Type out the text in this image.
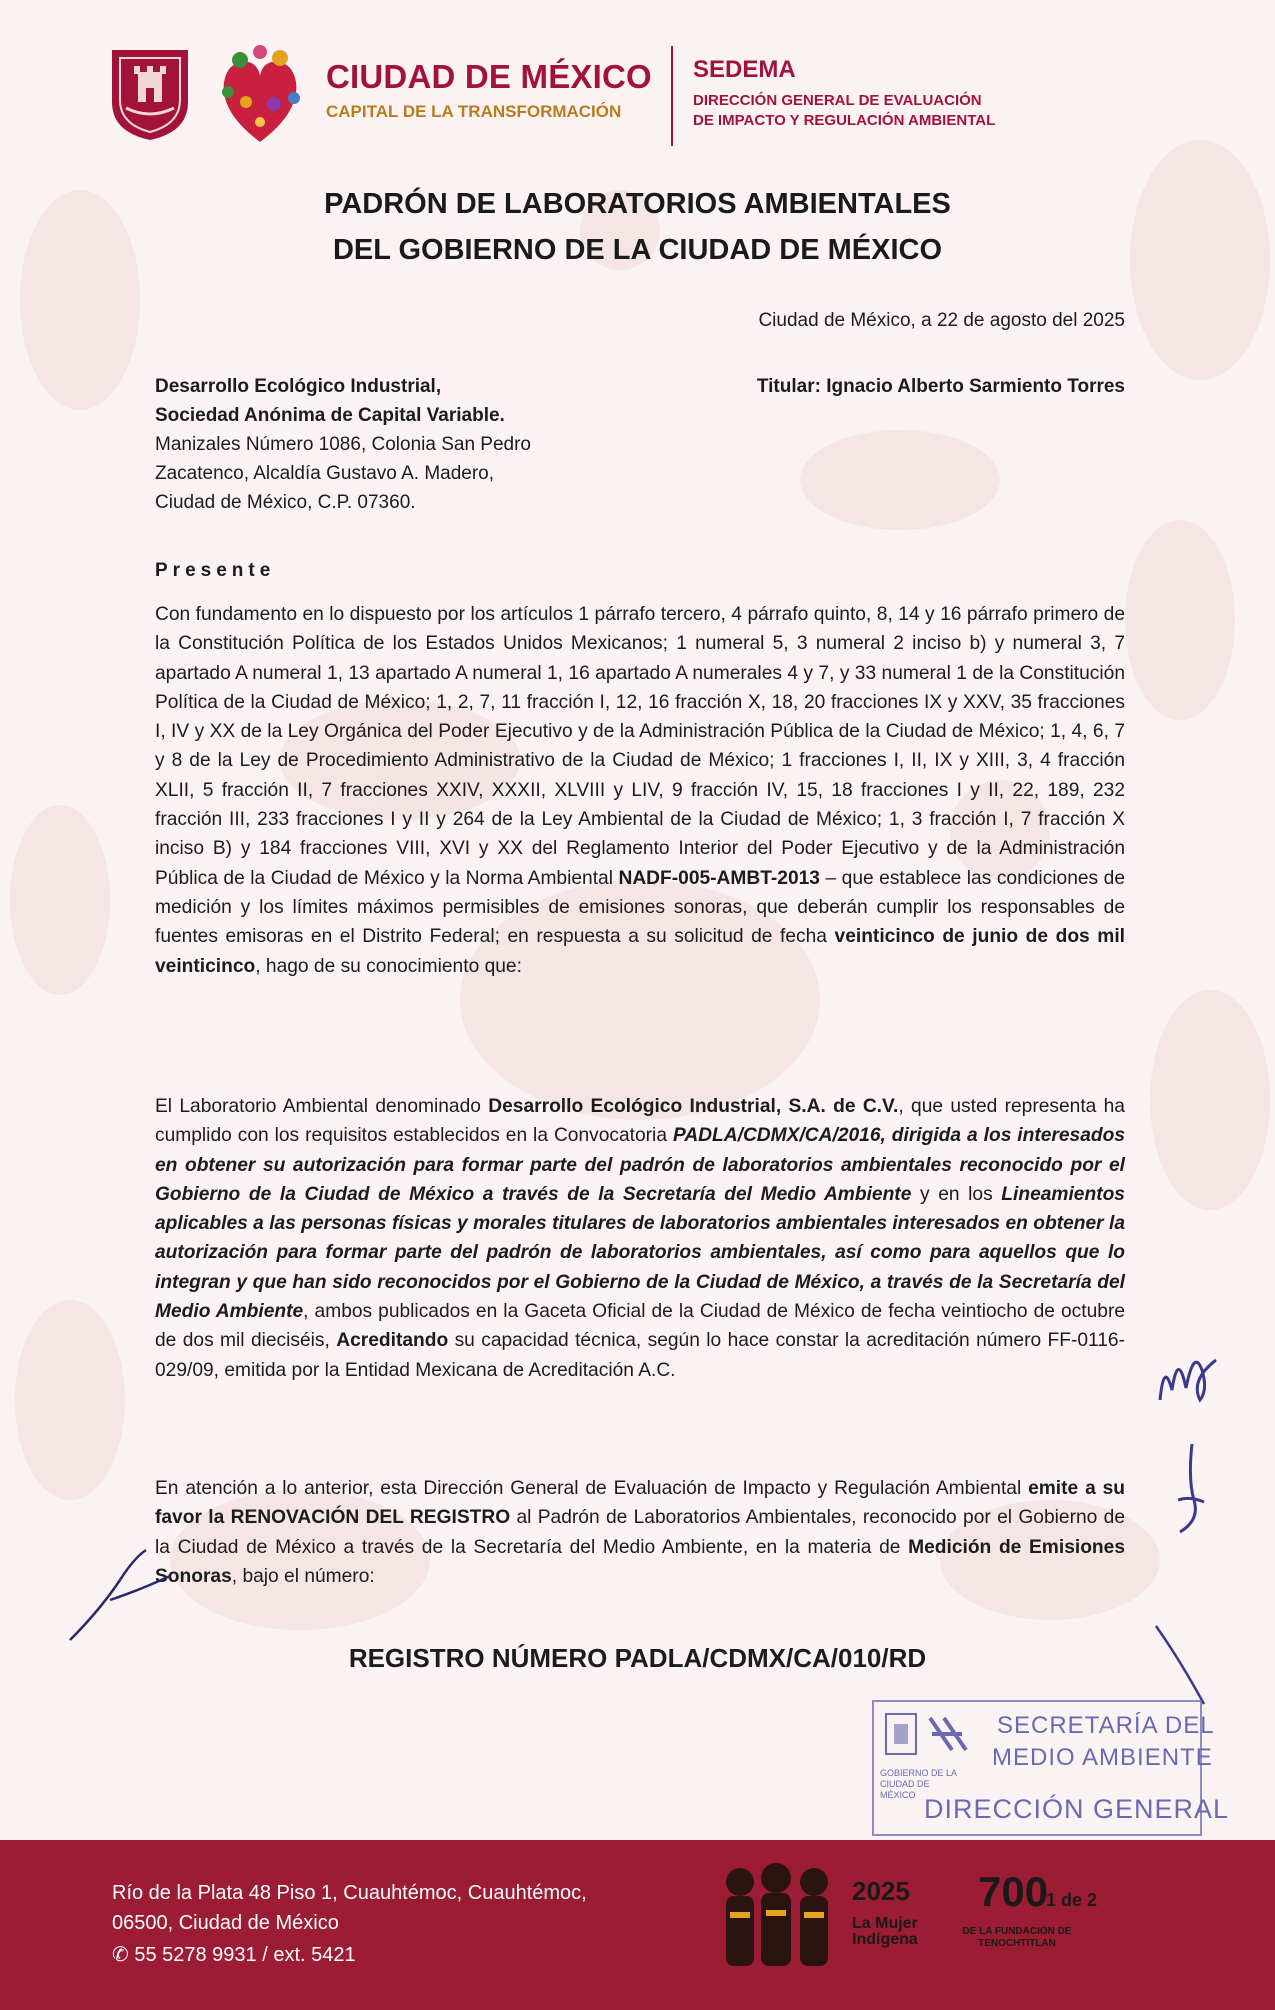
CIUDAD DE MÉXICO
CAPITAL DE LA TRANSFORMACIÓN
SEDEMA
DIRECCIÓN GENERAL DE EVALUACIÓN
DE IMPACTO Y REGULACIÓN AMBIENTAL
PADRÓN DE LABORATORIOS AMBIENTALES
DEL GOBIERNO DE LA CIUDAD DE MÉXICO
Ciudad de México, a 22 de agosto del 2025
Titular: Ignacio Alberto Sarmiento Torres
Desarrollo Ecológico Industrial,
Sociedad Anónima de Capital Variable.
Manizales Número 1086, Colonia San Pedro
Zacatenco, Alcaldía Gustavo A. Madero,
Ciudad de México, C.P. 07360.
Presente
Con fundamento en lo dispuesto por los artículos 1 párrafo tercero, 4 párrafo quinto, 8, 14 y 16 párrafo primero de la Constitución Política de los Estados Unidos Mexicanos; 1 numeral 5, 3 numeral 2 inciso b) y numeral 3, 7 apartado A numeral 1, 13 apartado A numeral 1, 16 apartado A numerales 4 y 7, y 33 numeral 1 de la Constitución Política de la Ciudad de México; 1, 2, 7, 11 fracción I, 12, 16 fracción X, 18, 20 fracciones IX y XXV, 35 fracciones I, IV y XX de la Ley Orgánica del Poder Ejecutivo y de la Administración Pública de la Ciudad de México; 1, 4, 6, 7 y 8 de la Ley de Procedimiento Administrativo de la Ciudad de México; 1 fracciones I, II, IX y XIII, 3, 4 fracción XLII, 5 fracción II, 7 fracciones XXIV, XXXII, XLVIII y LIV, 9 fracción IV, 15, 18 fracciones I y II, 22, 189, 232 fracción III, 233 fracciones I y II y 264 de la Ley Ambiental de la Ciudad de México; 1, 3 fracción I, 7 fracción X inciso B) y 184 fracciones VIII, XVI y XX del Reglamento Interior del Poder Ejecutivo y de la Administración Pública de la Ciudad de México y la Norma Ambiental NADF-005-AMBT-2013 – que establece las condiciones de medición y los límites máximos permisibles de emisiones sonoras, que deberán cumplir los responsables de fuentes emisoras en el Distrito Federal; en respuesta a su solicitud de fecha veinticinco de junio de dos mil veinticinco, hago de su conocimiento que:
El Laboratorio Ambiental denominado Desarrollo Ecológico Industrial, S.A. de C.V., que usted representa ha cumplido con los requisitos establecidos en la Convocatoria PADLA/CDMX/CA/2016, dirigida a los interesados en obtener su autorización para formar parte del padrón de laboratorios ambientales reconocido por el Gobierno de la Ciudad de México a través de la Secretaría del Medio Ambiente y en los Lineamientos aplicables a las personas físicas y morales titulares de laboratorios ambientales interesados en obtener la autorización para formar parte del padrón de laboratorios ambientales, así como para aquellos que lo integran y que han sido reconocidos por el Gobierno de la Ciudad de México, a través de la Secretaría del Medio Ambiente, ambos publicados en la Gaceta Oficial de la Ciudad de México de fecha veintiocho de octubre de dos mil dieciséis, Acreditando su capacidad técnica, según lo hace constar la acreditación número FF-0116-029/09, emitida por la Entidad Mexicana de Acreditación A.C.
En atención a lo anterior, esta Dirección General de Evaluación de Impacto y Regulación Ambiental emite a su favor la RENOVACIÓN DEL REGISTRO al Padrón de Laboratorios Ambientales, reconocido por el Gobierno de la Ciudad de México a través de la Secretaría del Medio Ambiente, en la materia de Medición de Emisiones Sonoras, bajo el número:
REGISTRO NÚMERO PADLA/CDMX/CA/010/RD
GOBIERNO DE LA
CIUDAD DE MÉXICO
SECRETARÍA DEL
MEDIO AMBIENTE
DIRECCIÓN GENERAL
Río de la Plata 48 Piso 1, Cuauhtémoc, Cuauhtémoc,
06500, Ciudad de México
✆ 55 5278 9931 / ext. 5421
2025
La Mujer
Indígena
700
DE LA FUNDACIÓN DE
TENOCHTITLAN
1 de 2
